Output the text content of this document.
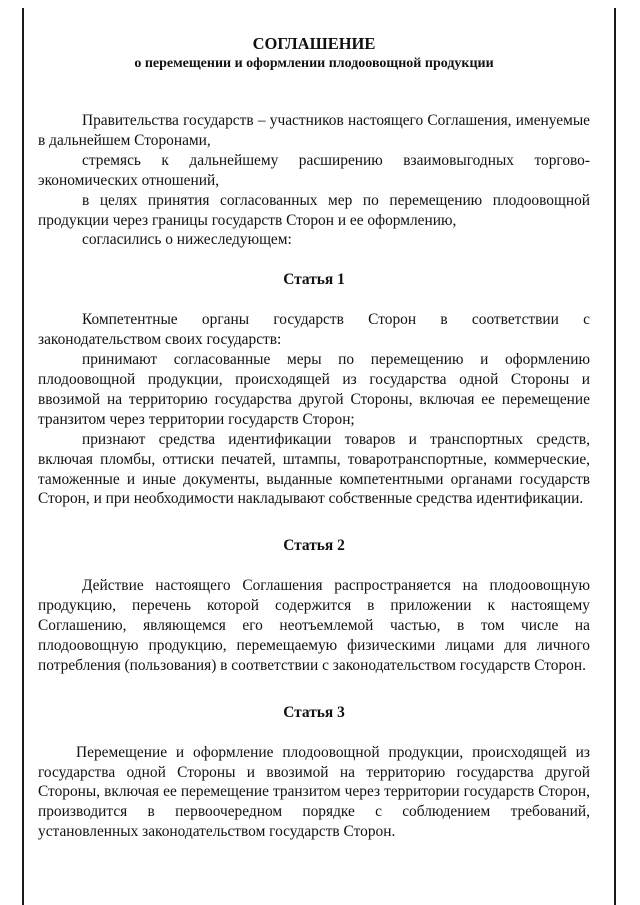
СОГЛАШЕНИЕ

о перемещении и оформлении плодоовощной продукции

Правительства государств – участников настоящего Соглашения, именуемые в дальнейшем Сторонами,

стремясь к дальнейшему расширению взаимовыгодных торгово-экономических отношений,

в целях принятия согласованных мер по перемещению плодоовощной продукции через границы государств Сторон и ее оформлению,

согласились о нижеследующем:

Статья 1

Компетентные органы государств Сторон в соответствии с законодательством своих государств:

принимают согласованные меры по перемещению и оформлению плодоовощной продукции, происходящей из государства одной Стороны и ввозимой на территорию государства другой Стороны, включая ее перемещение транзитом через территории государств Сторон;

признают средства идентификации товаров и транспортных средств, включая пломбы, оттиски печатей, штампы, товаротранспортные, коммерческие, таможенные и иные документы, выданные компетентными органами государств Сторон, и при необходимости накладывают собственные средства идентификации.

Статья 2

Действие настоящего Соглашения распространяется на плодоовощную продукцию, перечень которой содержится в приложении к настоящему Соглашению, являющемся его неотъемлемой частью, в том числе на плодоовощную продукцию, перемещаемую физическими лицами для личного потребления (пользования) в соответствии с законодательством государств Сторон.

Статья 3

Перемещение и оформление плодоовощной продукции, происходящей из государства одной Стороны и ввозимой на территорию государства другой Стороны, включая ее перемещение транзитом через территории государств Сторон, производится в первоочередном порядке с соблюдением требований, установленных законодательством государств Сторон.
